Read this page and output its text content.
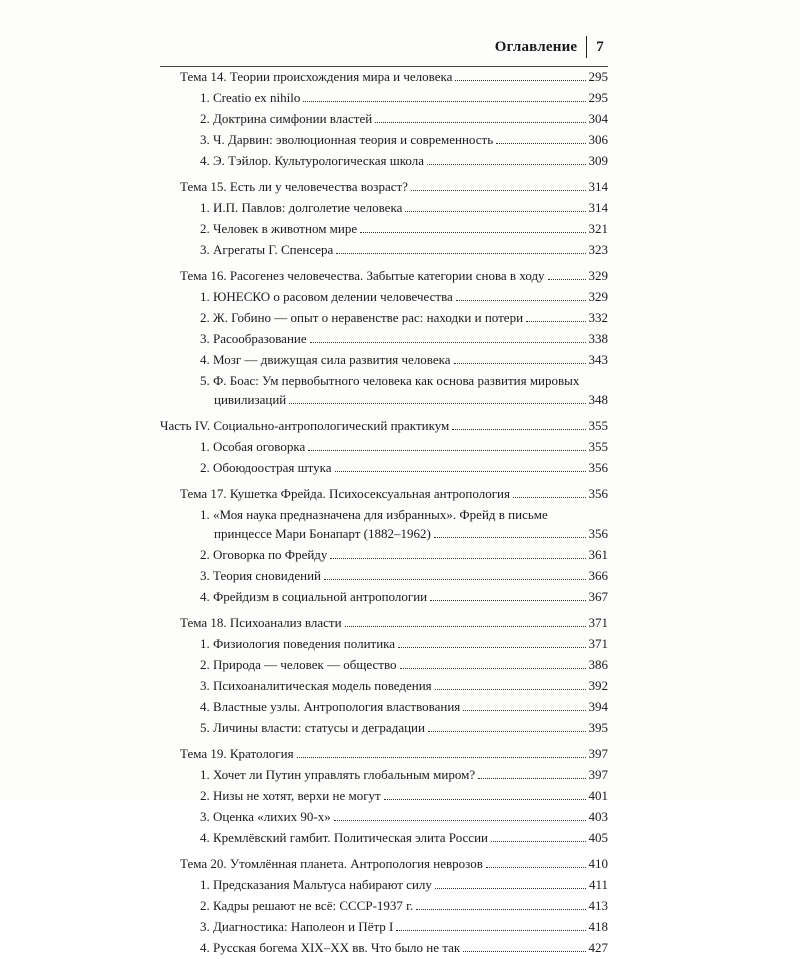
Оглавление 7
Тема 14. Теории происхождения мира и человека	295
1. Creatio ex nihilo	295
2. Доктрина симфонии властей	304
3. Ч. Дарвин: эволюционная теория и современность	306
4. Э. Тэйлор. Культурологическая школа	309
Тема 15. Есть ли у человечества возраст?	314
1. И.П. Павлов: долголетие человека	314
2. Человек в животном мире	321
3. Агрегаты Г. Спенсера	323
Тема 16. Расогенез человечества. Забытые категории снова в ходу	329
1. ЮНЕСКО о расовом делении человечества	329
2. Ж. Гобино — опыт о неравенстве рас: находки и потери	332
3. Расообразование	338
4. Мозг — движущая сила развития человека	343
5. Ф. Боас: Ум первобытного человека как основа развития мировых
цивилизаций	348
Часть IV. Социально-антропологический практикум	355
1. Особая оговорка	355
2. Обоюдоострая штука	356
Тема 17. Кушетка Фрейда. Психосексуальная антропология	356
1. «Моя наука предназначена для избранных». Фрейд в письме
принцессе Мари Бонапарт (1882–1962)	356
2. Оговорка по Фрейду	361
3. Теория сновидений	366
4. Фрейдизм в социальной антропологии	367
Тема 18. Психоанализ власти	371
1. Физиология поведения политика	371
2. Природа — человек — общество	386
3. Психоаналитическая модель поведения	392
4. Властные узлы. Антропология властвования	394
5. Личины власти: статусы и деградации	395
Тема 19. Кратология	397
1. Хочет ли Путин управлять глобальным миром?	397
2. Низы не хотят, верхи не могут	401
3. Оценка «лихих 90-х»	403
4. Кремлёвский гамбит. Политическая элита России	405
Тема 20. Утомлённая планета. Антропология неврозов	410
1. Предсказания Мальтуса набирают силу	411
2. Кадры решают не всё: СССР-1937 г.	413
3. Диагностика: Наполеон и Пётр I	418
4. Русская богема XIX–XX вв. Что было не так	427
